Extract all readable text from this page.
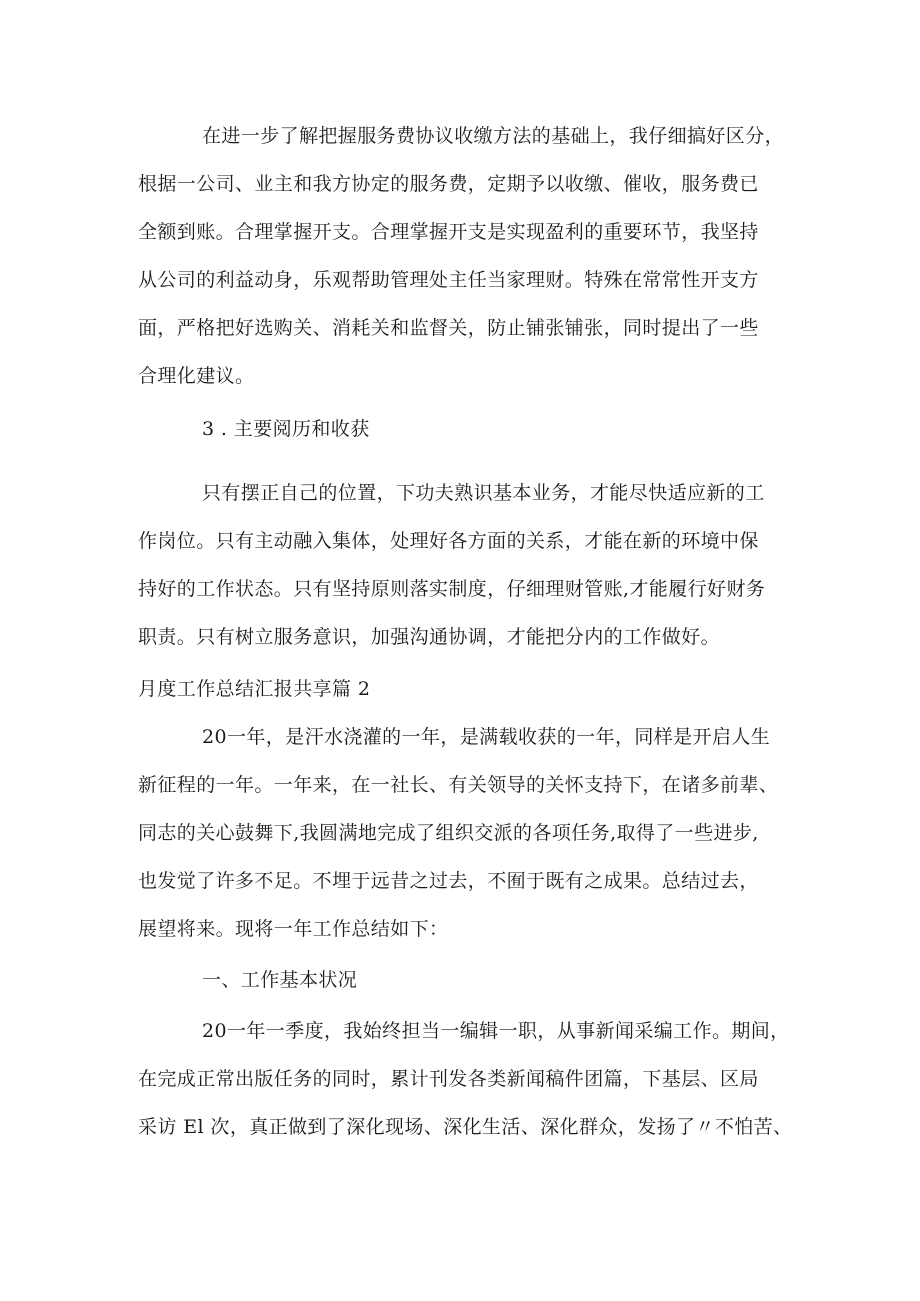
在进一步了解把握服务费协议收缴方法的基础上，我仔细搞好区分，
根据一公司、业主和我方协定的服务费，定期予以收缴、催收，服务费已
全额到账。合理掌握开支。合理掌握开支是实现盈利的重要环节，我坚持
从公司的利益动身，乐观帮助管理处主任当家理财。特殊在常常性开支方
面，严格把好选购关、消耗关和监督关，防止铺张铺张，同时提出了一些
合理化建议。
3 . 主要阅历和收获
只有摆正自己的位置，下功夫熟识基本业务，才能尽快适应新的工
作岗位。只有主动融入集体，处理好各方面的关系，才能在新的环境中保
持好的工作状态。只有坚持原则落实制度，仔细理财管账,才能履行好财务
职责。只有树立服务意识，加强沟通协调，才能把分内的工作做好。
月度工作总结汇报共享篇 2
20一年，是汗水浇灌的一年，是满载收获的一年，同样是开启人生
新征程的一年。一年来，在一社长、有关领导的关怀支持下，在诸多前辈、
同志的关心鼓舞下,我圆满地完成了组织交派的各项任务,取得了一些进步,
也发觉了许多不足。不埋于远昔之过去，不囿于既有之成果。总结过去，
展望将来。现将一年工作总结如下：
一、工作基本状况
20一年一季度，我始终担当一编辑一职，从事新闻采编工作。期间，
在完成正常出版任务的同时，累计刊发各类新闻稿件团篇，下基层、区局
采访 El 次，真正做到了深化现场、深化生活、深化群众，发扬了〃不怕苦、
